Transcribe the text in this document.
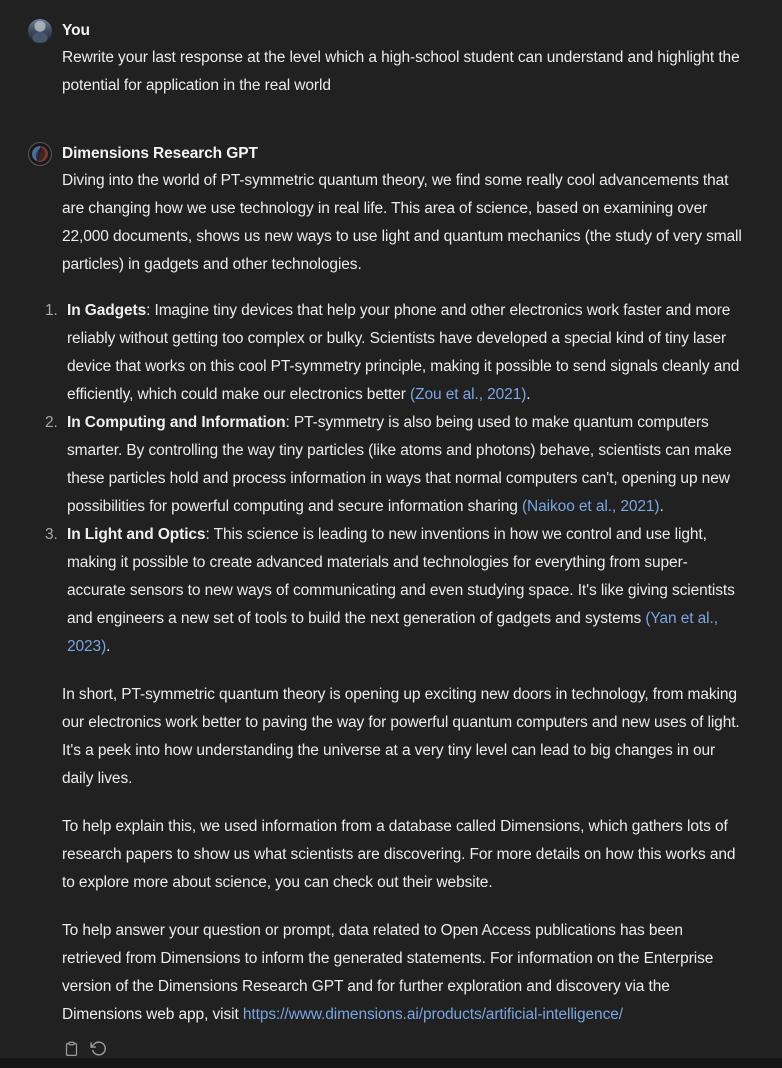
You

Rewrite your last response at the level which a high-school student can understand and highlight the potential for application in the real world

Dimensions Research GPT

Diving into the world of PT-symmetric quantum theory, we find some really cool advancements that are changing how we use technology in real life. This area of science, based on examining over 22,000 documents, shows us new ways to use light and quantum mechanics (the study of very small particles) in gadgets and other technologies.

In Gadgets: Imagine tiny devices that help your phone and other electronics work faster and more reliably without getting too complex or bulky. Scientists have developed a special kind of tiny laser device that works on this cool PT-symmetry principle, making it possible to send signals cleanly and efficiently, which could make our electronics better (Zou et al., 2021).
In Computing and Information: PT-symmetry is also being used to make quantum computers smarter. By controlling the way tiny particles (like atoms and photons) behave, scientists can make these particles hold and process information in ways that normal computers can't, opening up new possibilities for powerful computing and secure information sharing (Naikoo et al., 2021).
In Light and Optics: This science is leading to new inventions in how we control and use light, making it possible to create advanced materials and technologies for everything from super-accurate sensors to new ways of communicating and even studying space. It's like giving scientists and engineers a new set of tools to build the next generation of gadgets and systems (Yan et al., 2023).

In short, PT-symmetric quantum theory is opening up exciting new doors in technology, from making our electronics work better to paving the way for powerful quantum computers and new uses of light. It's a peek into how understanding the universe at a very tiny level can lead to big changes in our daily lives.

To help explain this, we used information from a database called Dimensions, which gathers lots of research papers to show us what scientists are discovering. For more details on how this works and to explore more about science, you can check out their website.

To help answer your question or prompt, data related to Open Access publications has been retrieved from Dimensions to inform the generated statements. For information on the Enterprise version of the Dimensions Research GPT and for further exploration and discovery via the Dimensions web app, visit https://www.dimensions.ai/products/artificial-intelligence/
